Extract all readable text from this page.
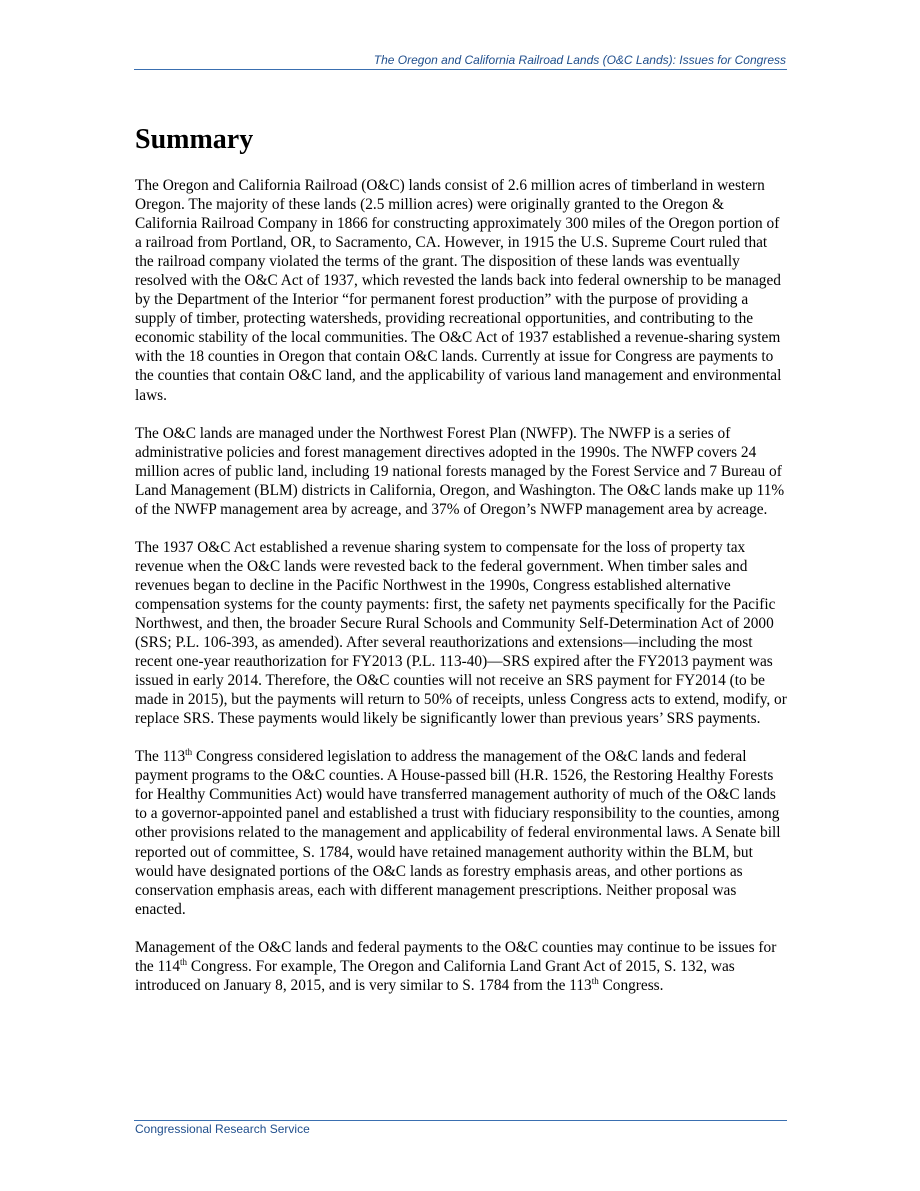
The Oregon and California Railroad Lands (O&C Lands): Issues for Congress
Summary

The Oregon and California Railroad (O&C) lands consist of 2.6 million acres of timberland in western Oregon. The majority of these lands (2.5 million acres) were originally granted to the Oregon & California Railroad Company in 1866 for constructing approximately 300 miles of the Oregon portion of a railroad from Portland, OR, to Sacramento, CA. However, in 1915 the U.S. Supreme Court ruled that the railroad company violated the terms of the grant. The disposition of these lands was eventually resolved with the O&C Act of 1937, which revested the lands back into federal ownership to be managed by the Department of the Interior “for permanent forest production” with the purpose of providing a supply of timber, protecting watersheds, providing recreational opportunities, and contributing to the economic stability of the local communities. The O&C Act of 1937 established a revenue-sharing system with the 18 counties in Oregon that contain O&C lands. Currently at issue for Congress are payments to the counties that contain O&C land, and the applicability of various land management and environmental laws.

The O&C lands are managed under the Northwest Forest Plan (NWFP). The NWFP is a series of administrative policies and forest management directives adopted in the 1990s. The NWFP covers 24 million acres of public land, including 19 national forests managed by the Forest Service and 7 Bureau of Land Management (BLM) districts in California, Oregon, and Washington. The O&C lands make up 11% of the NWFP management area by acreage, and 37% of Oregon’s NWFP management area by acreage.

The 1937 O&C Act established a revenue sharing system to compensate for the loss of property tax revenue when the O&C lands were revested back to the federal government. When timber sales and revenues began to decline in the Pacific Northwest in the 1990s, Congress established alternative compensation systems for the county payments: first, the safety net payments specifically for the Pacific Northwest, and then, the broader Secure Rural Schools and Community Self-Determination Act of 2000 (SRS; P.L. 106-393, as amended). After several reauthorizations and extensions—including the most recent one-year reauthorization for FY2013 (P.L. 113-40)—SRS expired after the FY2013 payment was issued in early 2014. Therefore, the O&C counties will not receive an SRS payment for FY2014 (to be made in 2015), but the payments will return to 50% of receipts, unless Congress acts to extend, modify, or replace SRS. These payments would likely be significantly lower than previous years’ SRS payments.

The 113th Congress considered legislation to address the management of the O&C lands and federal payment programs to the O&C counties. A House-passed bill (H.R. 1526, the Restoring Healthy Forests for Healthy Communities Act) would have transferred management authority of much of the O&C lands to a governor-appointed panel and established a trust with fiduciary responsibility to the counties, among other provisions related to the management and applicability of federal environmental laws. A Senate bill reported out of committee, S. 1784, would have retained management authority within the BLM, but would have designated portions of the O&C lands as forestry emphasis areas, and other portions as conservation emphasis areas, each with different management prescriptions. Neither proposal was enacted.

Management of the O&C lands and federal payments to the O&C counties may continue to be issues for the 114th Congress. For example, The Oregon and California Land Grant Act of 2015, S. 132, was introduced on January 8, 2015, and is very similar to S. 1784 from the 113th Congress.

Congressional Research Service
